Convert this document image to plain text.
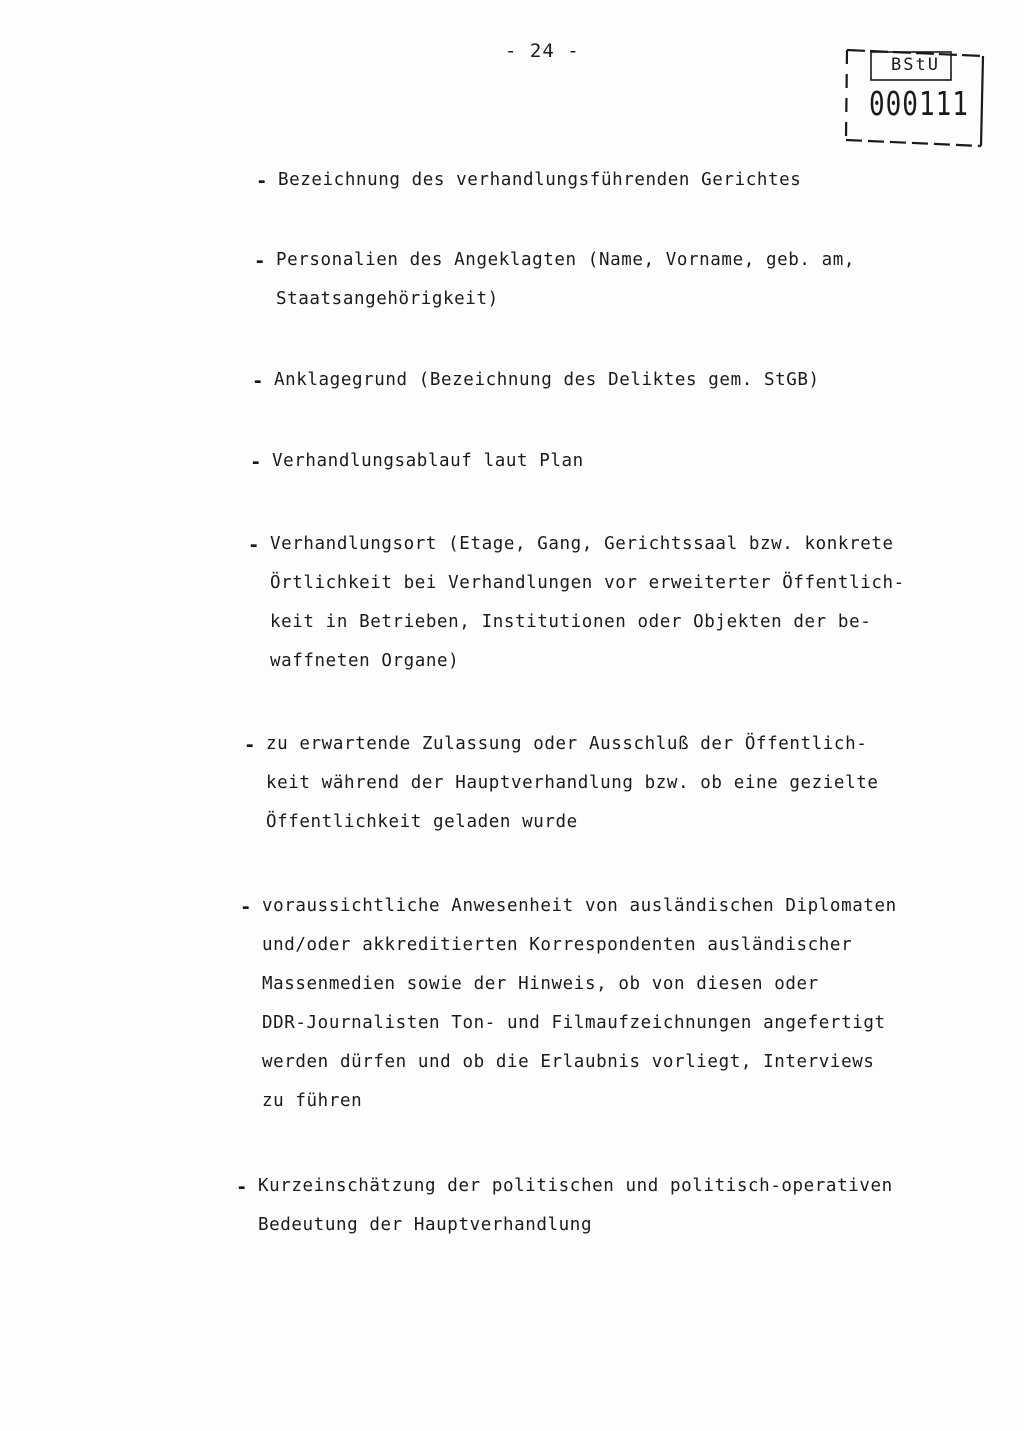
- 24 -
BStU
000111
- Bezeichnung des verhandlungsführenden Gerichtes
- Personalien des Angeklagten (Name, Vorname, geb. am,
Staatsangehörigkeit)
- Anklagegrund (Bezeichnung des Deliktes gem. StGB)
- Verhandlungsablauf laut Plan
- Verhandlungsort (Etage, Gang, Gerichtssaal bzw. konkrete
Örtlichkeit bei Verhandlungen vor erweiterter Öffentlich-
keit in Betrieben, Institutionen oder Objekten der be-
waffneten Organe)
- zu erwartende Zulassung oder Ausschluß der Öffentlich-
keit während der Hauptverhandlung bzw. ob eine gezielte
Öffentlichkeit geladen wurde
- voraussichtliche Anwesenheit von ausländischen Diplomaten
und/oder akkreditierten Korrespondenten ausländischer
Massenmedien sowie der Hinweis, ob von diesen oder
DDR-Journalisten Ton- und Filmaufzeichnungen angefertigt
werden dürfen und ob die Erlaubnis vorliegt, Interviews
zu führen
- Kurzeinschätzung der politischen und politisch-operativen
Bedeutung der Hauptverhandlung
